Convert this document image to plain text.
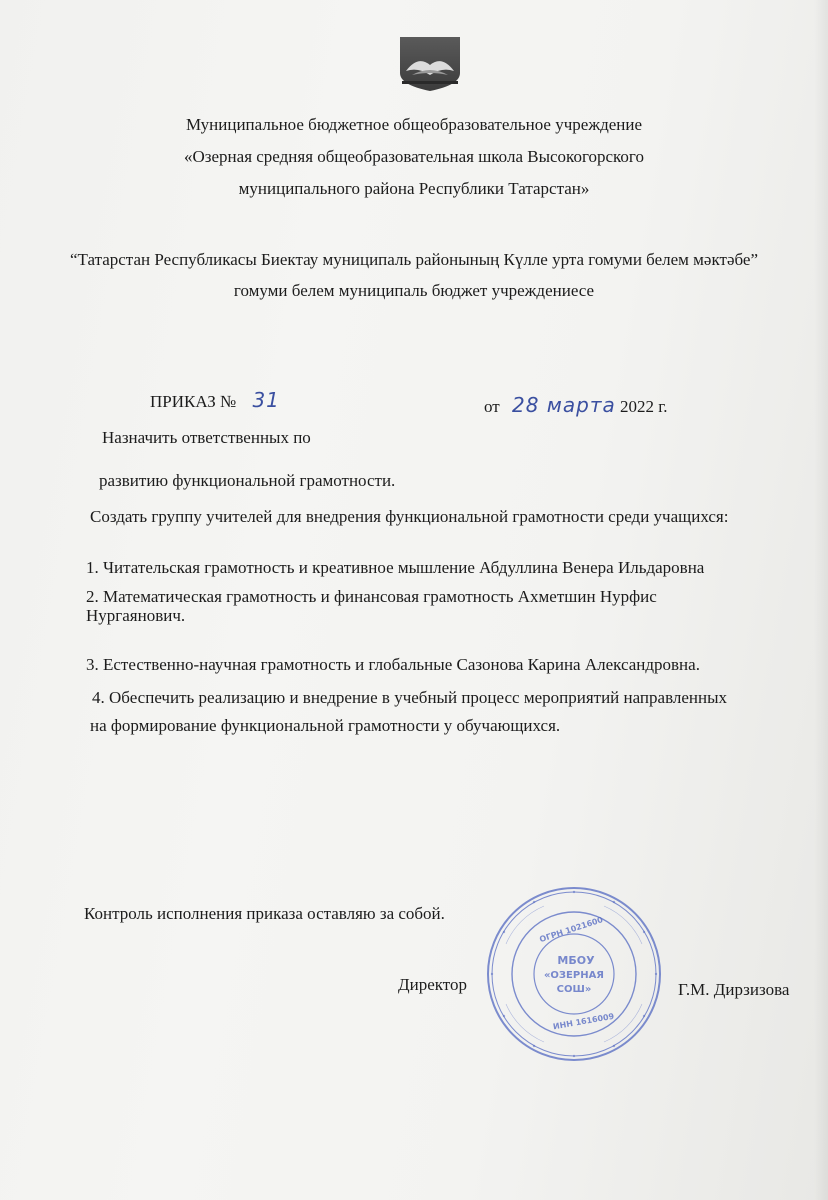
Муниципальное бюджетное общеобразовательное учреждение
«Озерная средняя общеобразовательная школа Высокогорского
муниципального района Республики Татарстан»
“Татарстан Республикасы Биектау муниципаль районының Күлле урта гомуми белем мәктәбе”
гомуми белем муниципаль бюджет учреждениесе
ПРИКАЗ № 31	от 28 марта 2022 г.
Назначить ответственных по
развитию функциональной грамотности.
Создать группу учителей для внедрения функциональной грамотности среди учащихся:
1. Читательская грамотность и креативное мышление Абдуллина Венера Ильдаровна
2. Математическая грамотность и финансовая грамотность Ахметшин Нурфис
Нургаянович.
3. Естественно-научная грамотность и глобальные Сазонова Карина Александровна.
4. Обеспечить реализацию и внедрение в учебный процесс мероприятий направленных
на формирование функциональной грамотности у обучающихся.
Контроль исполнения приказа оставляю за собой.
Директор	Г.М. Дирзизова
МБОУ
«ОЗЕРНАЯ
СОШ»
ОГРН 1021600
ИНН 1616009
